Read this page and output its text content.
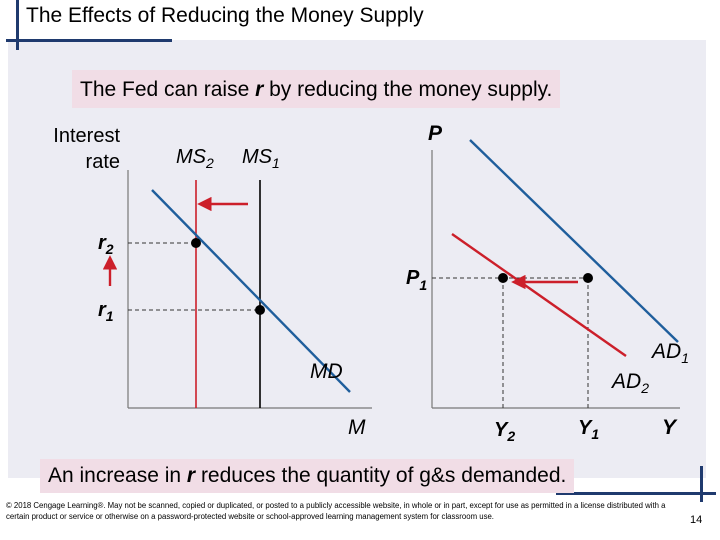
The Effects of Reducing the Money Supply
The Fed can raise r by reducing the money supply.
Interest
rate	$MS_2$ $MS_1$
$r_2$
$r_1$
MD
M
P
$P_1$
$AD_1$
$AD_2$
$Y_2$	$Y_1$	Y
An increase in r reduces the quantity of g&s demanded.
© 2018 Cengage Learning®. May not be scanned, copied or duplicated, or posted to a publicly accessible website, in whole or in part, except for use as permitted in a license distributed with a certain product or service or otherwise on a password-protected website or school-approved learning management system for classroom use.	14
